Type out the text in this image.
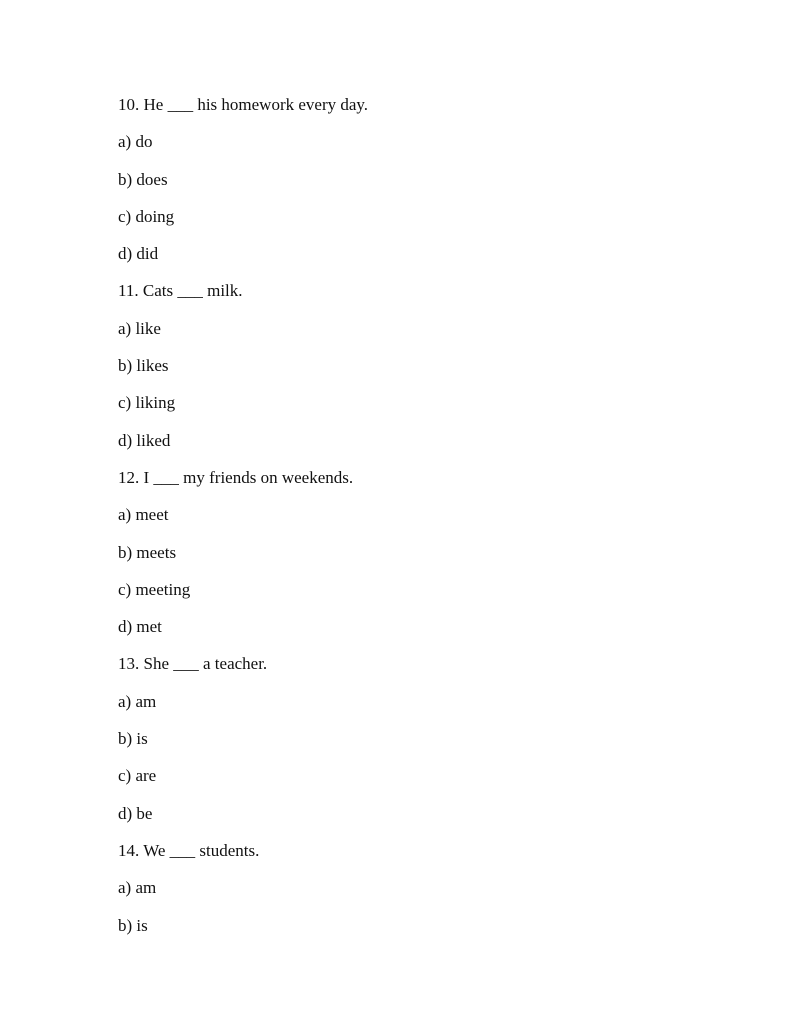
10. He ___ his homework every day.
a) do
b) does
c) doing
d) did
11. Cats ___ milk.
a) like
b) likes
c) liking
d) liked
12. I ___ my friends on weekends.
a) meet
b) meets
c) meeting
d) met
13. She ___ a teacher.
a) am
b) is
c) are
d) be
14. We ___ students.
a) am
b) is
